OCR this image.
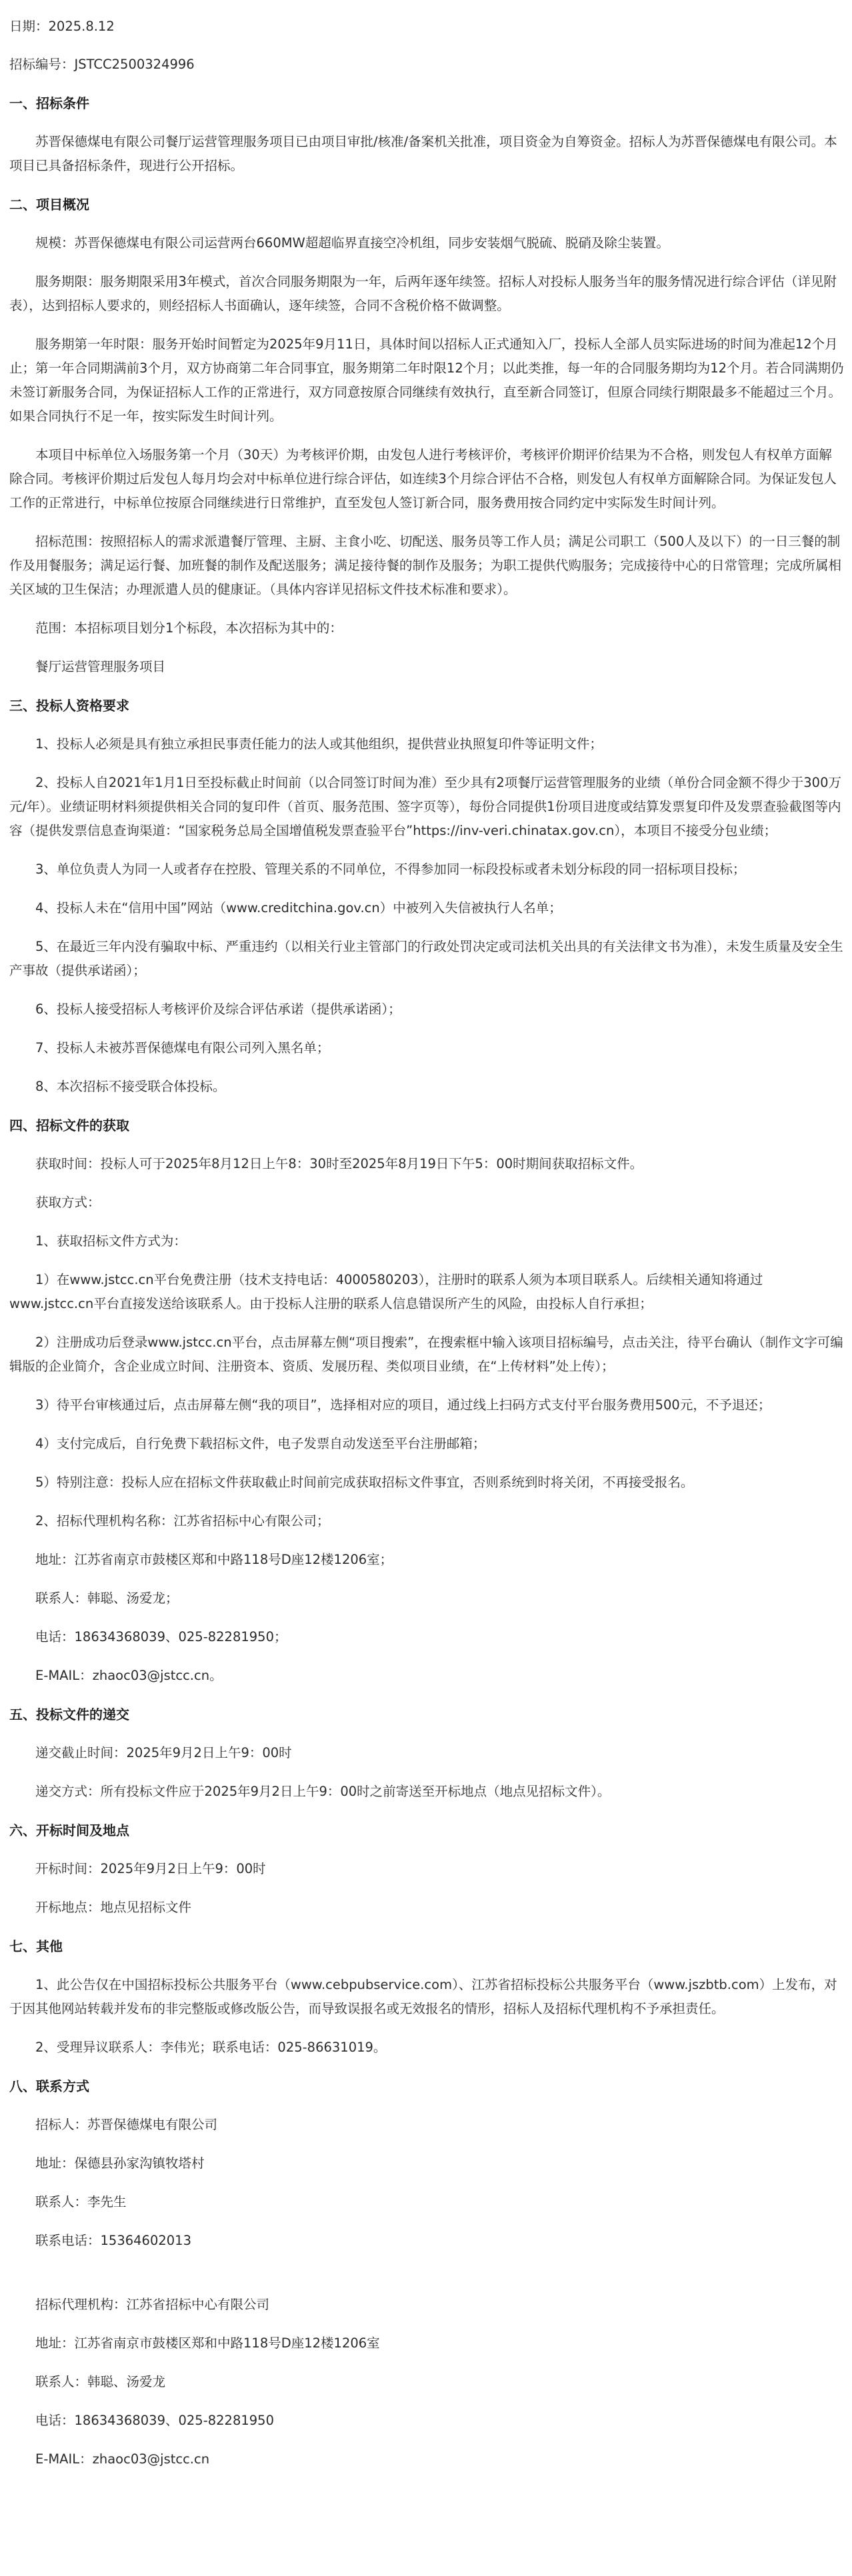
日期：2025.8.12
招标编号：JSTCC2500324996
一、招标条件

苏晋保德煤电有限公司餐厅运营管理服务项目已由项目审批/核准/备案机关批准，项目资金为自筹资金。招标人为苏晋保德煤电有限公司。本项目已具备招标条件，现进行公开招标。

二、项目概况

规模：苏晋保德煤电有限公司运营两台660MW超超临界直接空冷机组，同步安装烟气脱硫、脱硝及除尘装置。

服务期限：服务期限采用3年模式，首次合同服务期限为一年，后两年逐年续签。招标人对投标人服务当年的服务情况进行综合评估（详见附表），达到招标人要求的，则经招标人书面确认，逐年续签，合同不含税价格不做调整。

服务期第一年时限：服务开始时间暂定为2025年9月11日，具体时间以招标人正式通知入厂，投标人全部人员实际进场的时间为准起12个月止；第一年合同期满前3个月，双方协商第二年合同事宜，服务期第二年时限12个月；以此类推，每一年的合同服务期均为12个月。若合同满期仍未签订新服务合同，为保证招标人工作的正常进行，双方同意按原合同继续有效执行，直至新合同签订，但原合同续行期限最多不能超过三个月。如果合同执行不足一年，按实际发生时间计列。

本项目中标单位入场服务第一个月（30天）为考核评价期，由发包人进行考核评价，考核评价期评价结果为不合格，则发包人有权单方面解除合同。考核评价期过后发包人每月均会对中标单位进行综合评估，如连续3个月综合评估不合格，则发包人有权单方面解除合同。为保证发包人工作的正常进行，中标单位按原合同继续进行日常维护，直至发包人签订新合同，服务费用按合同约定中实际发生时间计列。

招标范围：按照招标人的需求派遣餐厅管理、主厨、主食小吃、切配送、服务员等工作人员；满足公司职工（500人及以下）的一日三餐的制作及用餐服务；满足运行餐、加班餐的制作及配送服务；满足接待餐的制作及服务；为职工提供代购服务；完成接待中心的日常管理；完成所属相关区域的卫生保洁；办理派遣人员的健康证。（具体内容详见招标文件技术标准和要求）。

范围：本招标项目划分1个标段，本次招标为其中的：

餐厅运营管理服务项目

三、投标人资格要求

1、投标人必须是具有独立承担民事责任能力的法人或其他组织，提供营业执照复印件等证明文件；

2、投标人自2021年1月1日至投标截止时间前（以合同签订时间为准）至少具有2项餐厅运营管理服务的业绩（单份合同金额不得少于300万元/年）。业绩证明材料须提供相关合同的复印件（首页、服务范围、签字页等），每份合同提供1份项目进度或结算发票复印件及发票查验截图等内容（提供发票信息查询渠道：“国家税务总局全国增值税发票查验平台”https://inv-veri.chinatax.gov.cn），本项目不接受分包业绩；

3、单位负责人为同一人或者存在控股、管理关系的不同单位，不得参加同一标段投标或者未划分标段的同一招标项目投标；

4、投标人未在“信用中国”网站（www.creditchina.gov.cn）中被列入失信被执行人名单；

5、在最近三年内没有骗取中标、严重违约（以相关行业主管部门的行政处罚决定或司法机关出具的有关法律文书为准），未发生质量及安全生产事故（提供承诺函）；

6、投标人接受招标人考核评价及综合评估承诺（提供承诺函）；

7、投标人未被苏晋保德煤电有限公司列入黑名单；

8、本次招标不接受联合体投标。

四、招标文件的获取

获取时间：投标人可于2025年8月12日上午8：30时至2025年8月19日下午5：00时期间获取招标文件。

获取方式：

1、获取招标文件方式为：

1）在www.jstcc.cn平台免费注册（技术支持电话：4000580203），注册时的联系人须为本项目联系人。后续相关通知将通过www.jstcc.cn平台直接发送给该联系人。由于投标人注册的联系人信息错误所产生的风险，由投标人自行承担；

2）注册成功后登录www.jstcc.cn平台，点击屏幕左侧“项目搜索”，在搜索框中输入该项目招标编号，点击关注，待平台确认（制作文字可编辑版的企业简介，含企业成立时间、注册资本、资质、发展历程、类似项目业绩，在“上传材料”处上传）；

3）待平台审核通过后，点击屏幕左侧“我的项目”，选择相对应的项目，通过线上扫码方式支付平台服务费用500元，不予退还；

4）支付完成后，自行免费下载招标文件，电子发票自动发送至平台注册邮箱；

5）特别注意：投标人应在招标文件获取截止时间前完成获取招标文件事宜，否则系统到时将关闭，不再接受报名。

2、招标代理机构名称：江苏省招标中心有限公司；

地址：江苏省南京市鼓楼区郑和中路118号D座12楼1206室；

联系人：韩聪、汤爱龙；

电话：18634368039、025-82281950；

E-MAIL：zhaoc03@jstcc.cn。

五、投标文件的递交

递交截止时间：2025年9月2日上午9：00时

递交方式：所有投标文件应于2025年9月2日上午9：00时之前寄送至开标地点（地点见招标文件）。

六、开标时间及地点

开标时间：2025年9月2日上午9：00时

开标地点：地点见招标文件

七、其他

1、此公告仅在中国招标投标公共服务平台（www.cebpubservice.com）、江苏省招标投标公共服务平台（www.jszbtb.com）上发布，对于因其他网站转载并发布的非完整版或修改版公告，而导致误报名或无效报名的情形，招标人及招标代理机构不予承担责任。

2、受理异议联系人：李伟光；联系电话：025-86631019。

八、联系方式

招标人：苏晋保德煤电有限公司

地址：保德县孙家沟镇牧塔村

联系人：李先生

联系电话：15364602013

招标代理机构：江苏省招标中心有限公司

地址：江苏省南京市鼓楼区郑和中路118号D座12楼1206室

联系人：韩聪、汤爱龙

电话：18634368039、025-82281950

E-MAIL：zhaoc03@jstcc.cn
